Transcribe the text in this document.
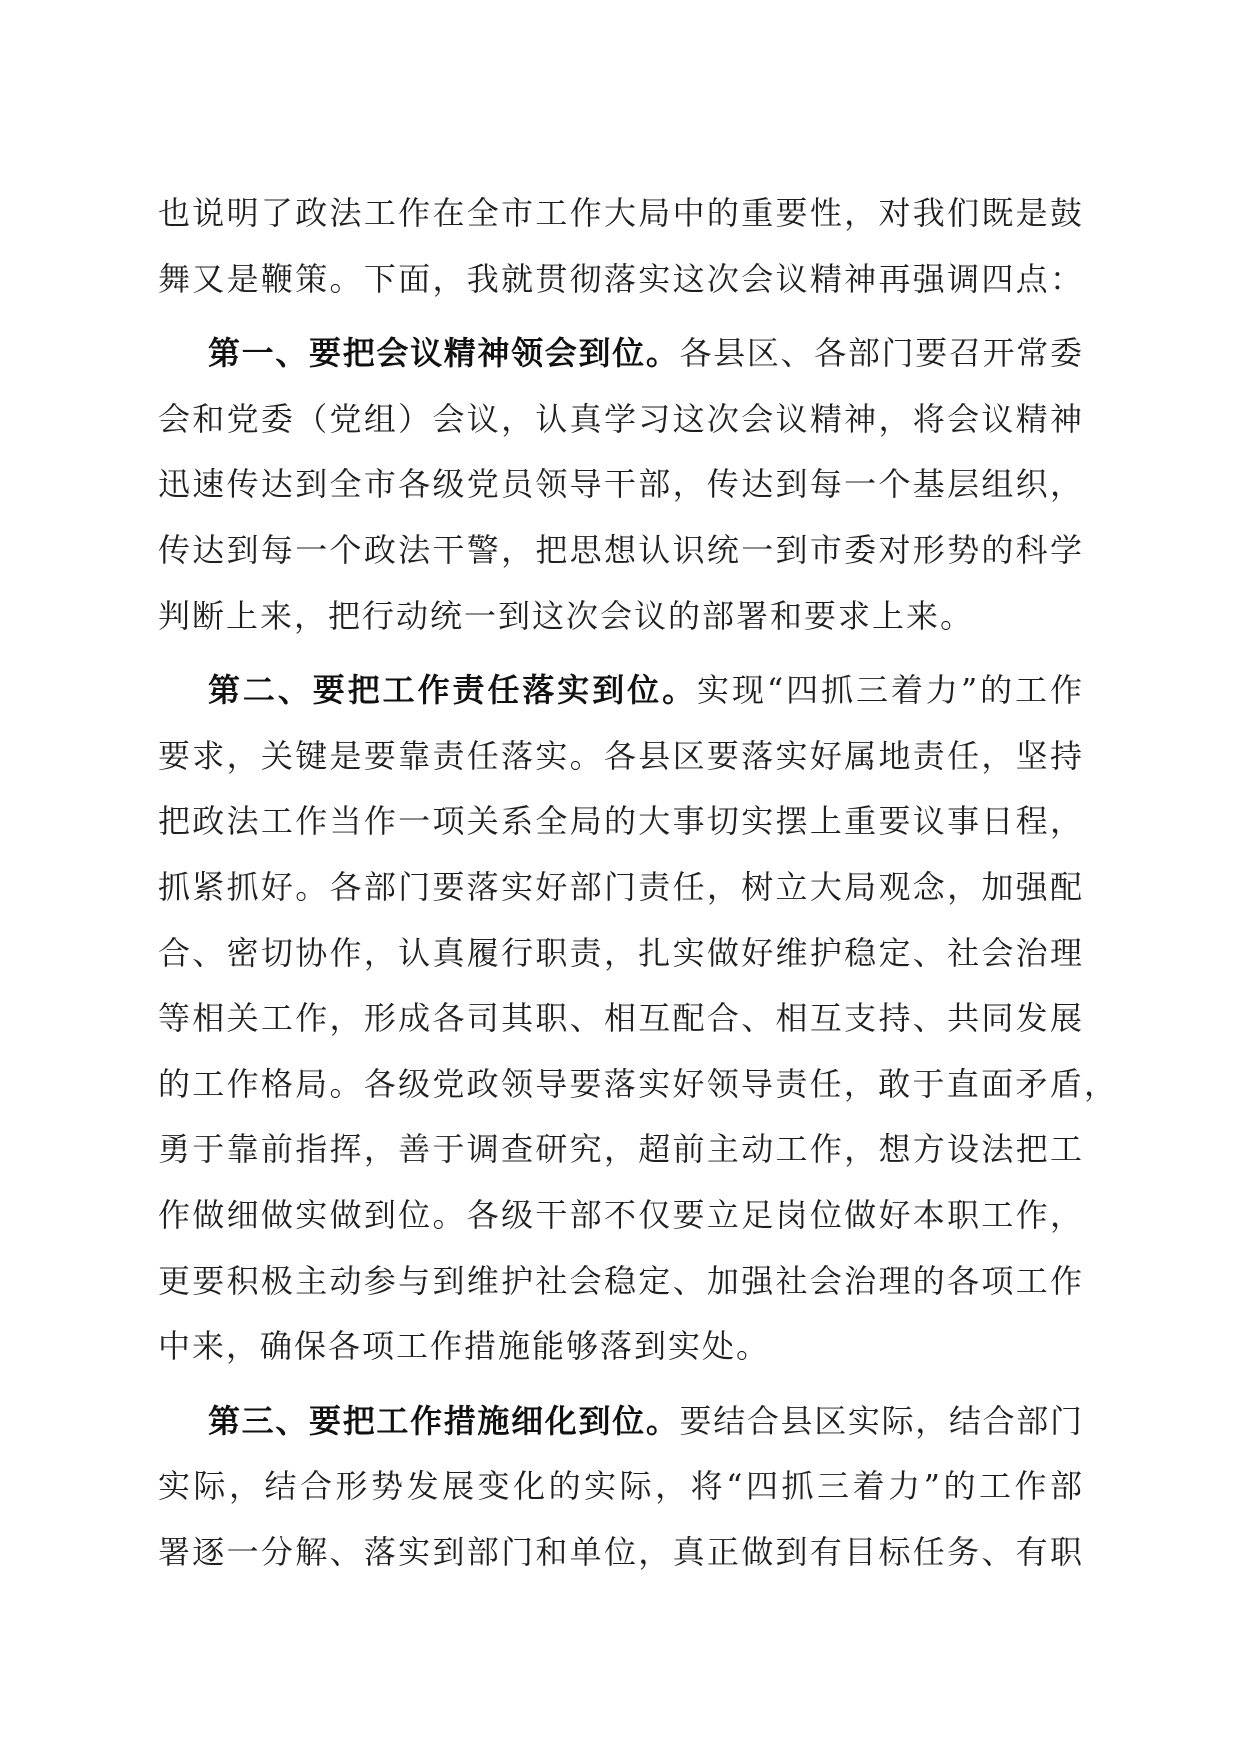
也说明了政法工作在全市工作大局中的重要性，对我们既是鼓
舞又是鞭策。下面，我就贯彻落实这次会议精神再强调四点：
第一、要把会议精神领会到位。各县区、各部门要召开常委
会和党委（党组）会议，认真学习这次会议精神，将会议精神
迅速传达到全市各级党员领导干部，传达到每一个基层组织，
传达到每一个政法干警，把思想认识统一到市委对形势的科学
判断上来，把行动统一到这次会议的部署和要求上来。
第二、要把工作责任落实到位。实现“四抓三着力”的工作
要求，关键是要靠责任落实。各县区要落实好属地责任，坚持
把政法工作当作一项关系全局的大事切实摆上重要议事日程，
抓紧抓好。各部门要落实好部门责任，树立大局观念，加强配
合、密切协作，认真履行职责，扎实做好维护稳定、社会治理
等相关工作，形成各司其职、相互配合、相互支持、共同发展
的工作格局。各级党政领导要落实好领导责任，敢于直面矛盾，
勇于靠前指挥，善于调查研究，超前主动工作，想方设法把工
作做细做实做到位。各级干部不仅要立足岗位做好本职工作，
更要积极主动参与到维护社会稳定、加强社会治理的各项工作
中来，确保各项工作措施能够落到实处。
第三、要把工作措施细化到位。要结合县区实际，结合部门
实际，结合形势发展变化的实际，将“四抓三着力”的工作部
署逐一分解、落实到部门和单位，真正做到有目标任务、有职
